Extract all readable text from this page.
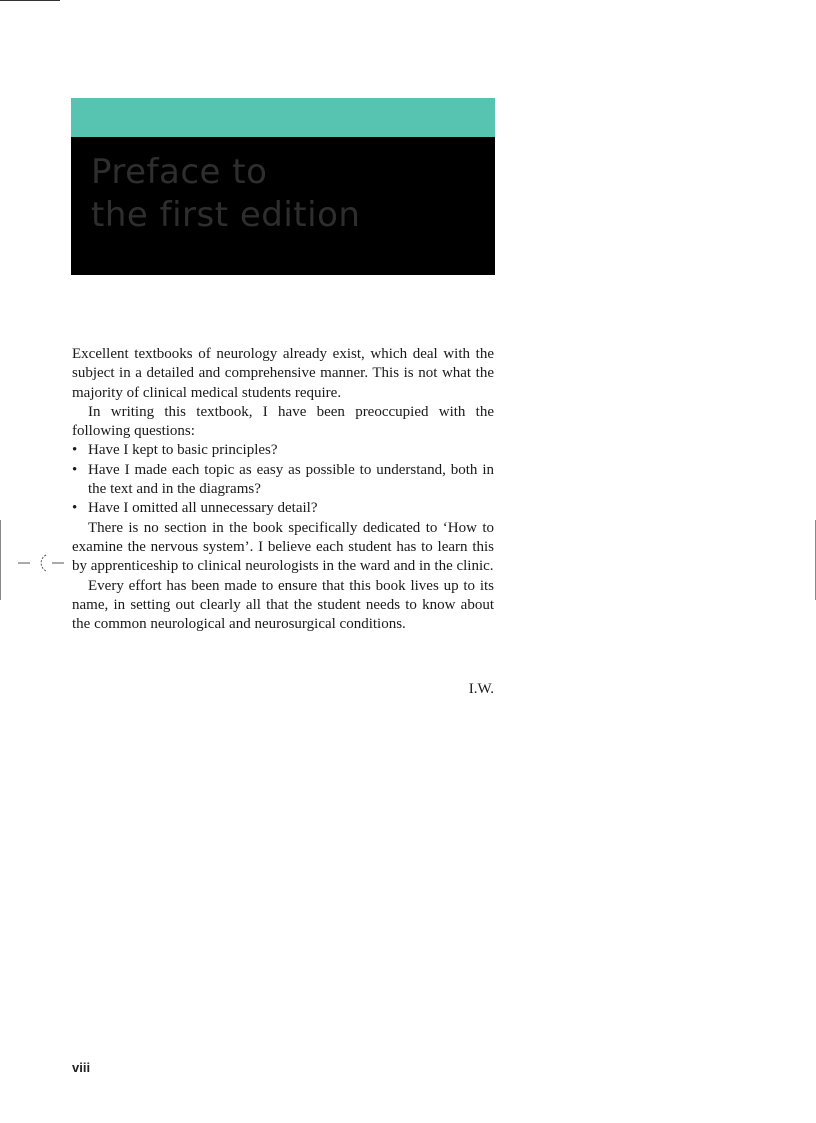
Preface to
the first edition

Excellent textbooks of neurology already exist, which deal with the subject in a detailed and comprehensive manner. This is not what the majority of clinical medical students require.

In writing this textbook, I have been preoccupied with the following questions:

• Have I kept to basic principles?
• Have I made each topic as easy as possible to understand, both in the text and in the diagrams?
• Have I omitted all unnecessary detail?

There is no section in the book specifically dedicated to ‘How to examine the nervous system’. I believe each student has to learn this by apprenticeship to clinical neurologists in the ward and in the clinic.

Every effort has been made to ensure that this book lives up to its name, in setting out clearly all that the student needs to know about the common neurological and neurosurgical conditions.

I.W.
viii
